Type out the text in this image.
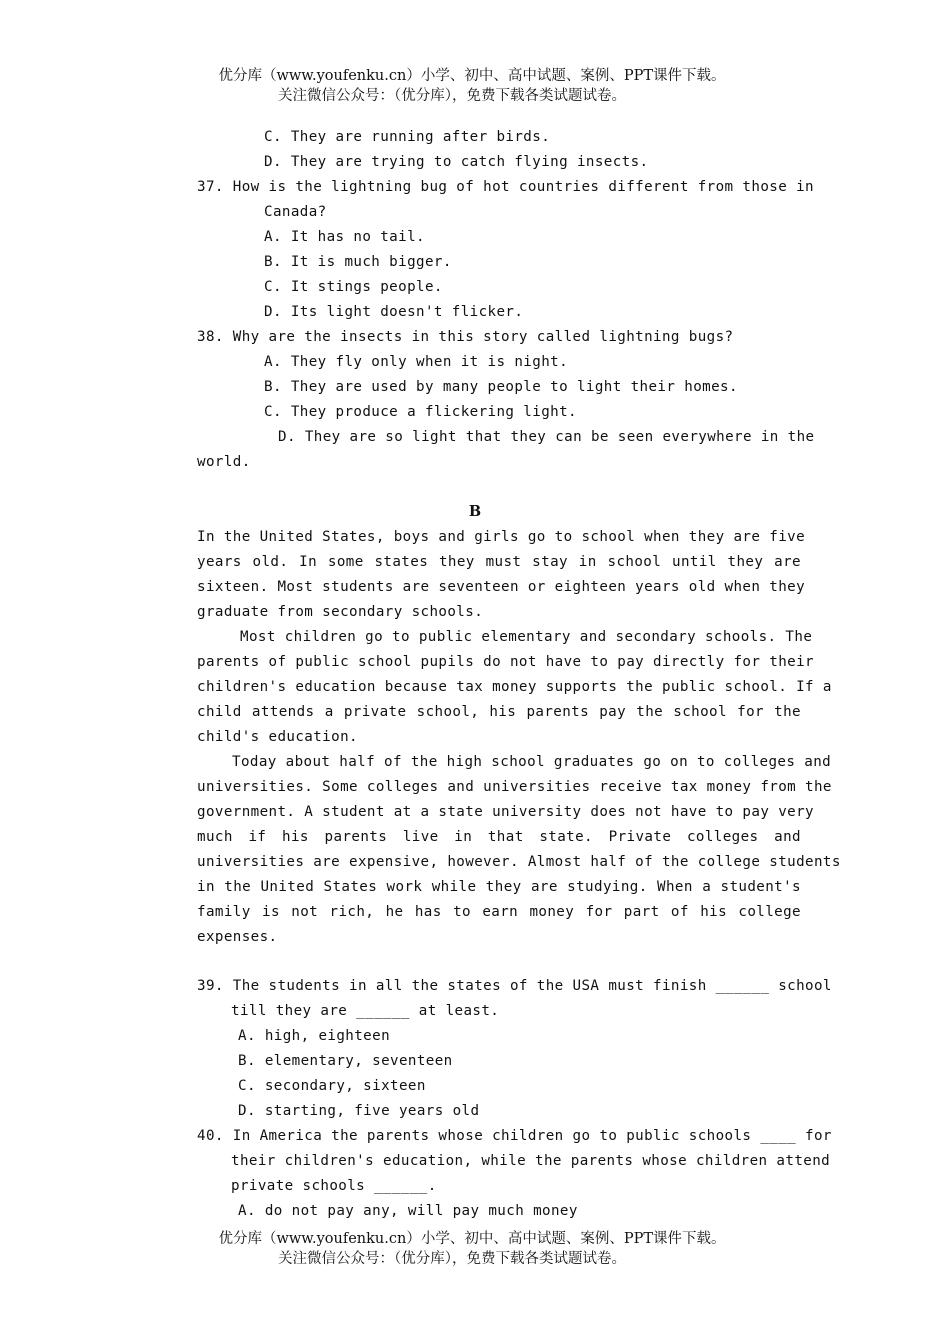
优分库（www.youfenku.cn）小学、初中、高中试题、案例、PPT课件下载。
关注微信公众号：（优分库），免费下载各类试题试卷。
C. They are running after birds.
D. They are trying to catch flying insects.
37. How is the lightning bug of hot countries different from those in
Canada?
A. It has no tail.
B. It is much bigger.
C. It stings people.
D. Its light doesn't flicker.
38. Why are the insects in this story called lightning bugs?
A. They fly only when it is night.
B. They are used by many people to light their homes.
C. They produce a flickering light.
D. They are so light that they can be seen everywhere in the
world.
B
In the United States, boys and girls go to school when they are five
years old. In some states they must stay in school until they are
sixteen. Most students are seventeen or eighteen years old when they
graduate from secondary schools.
Most children go to public elementary and secondary schools. The
parents of public school pupils do not have to pay directly for their
children's education because tax money supports the public school. If a
child attends a private school, his parents pay the school for the
child's education.
Today about half of the high school graduates go on to colleges and
universities. Some colleges and universities receive tax money from the
government. A student at a state university does not have to pay very
much if his parents live in that state. Private colleges and
universities are expensive, however. Almost half of the college students
in the United States work while they are studying. When a student's
family is not rich, he has to earn money for part of his college
expenses.
39. The students in all the states of the USA must finish ______ school
till they are ______ at least.
A. high, eighteen
B. elementary, seventeen
C. secondary, sixteen
D. starting, five years old
40. In America the parents whose children go to public schools ____ for
their children's education, while the parents whose children attend
private schools ______.
A. do not pay any, will pay much money
优分库（www.youfenku.cn）小学、初中、高中试题、案例、PPT课件下载。
关注微信公众号：（优分库），免费下载各类试题试卷。
